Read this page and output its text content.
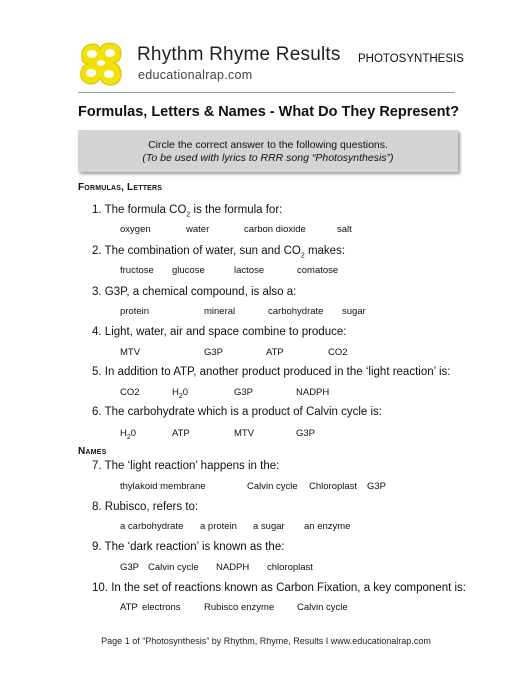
Rhythm Rhyme Results
educationalrap.com
PHOTOSYNTHESIS
Formulas, Letters & Names - What Do They Represent?
Circle the correct answer to the following questions.
(To be used with lyrics to RRR song “Photosynthesis”)
Formulas, Letters
1. The formula $CO_2$ is the formula for:
oxygen	water	carbon dioxide	salt
2. The combination of water, sun and $CO_2$ makes:
fructose glucose	lactose	comatose
3. G3P, a chemical compound, is also a:
protein	mineral	carbohydrate sugar
4. Light, water, air and space combine to produce:
MTV	G3P	ATP	CO2
5. In addition to ATP, another product produced in the ‘light reaction’ is:
CO2	$H_20$	G3P	NADPH
6. The carbohydrate which is a product of Calvin cycle is:
$H_20$	ATP	MTV	G3P
Names
7. The ‘light reaction’ happens in the:
thylakoid membrane	Calvin cycle Chloroplast G3P
8. Rubisco, refers to:
a carbohydrate a protein a sugar an enzyme
9. The ‘dark reaction’ is known as the:
G3P Calvin cycle NADPH chloroplast
10. In the set of reactions known as Carbon Fixation, a key component is:
ATP electrons Rubisco enzyme Calvin cycle
Page 1 of “Photosynthesis” by Rhythm, Rhyme, Results I www.educationalrap.com
